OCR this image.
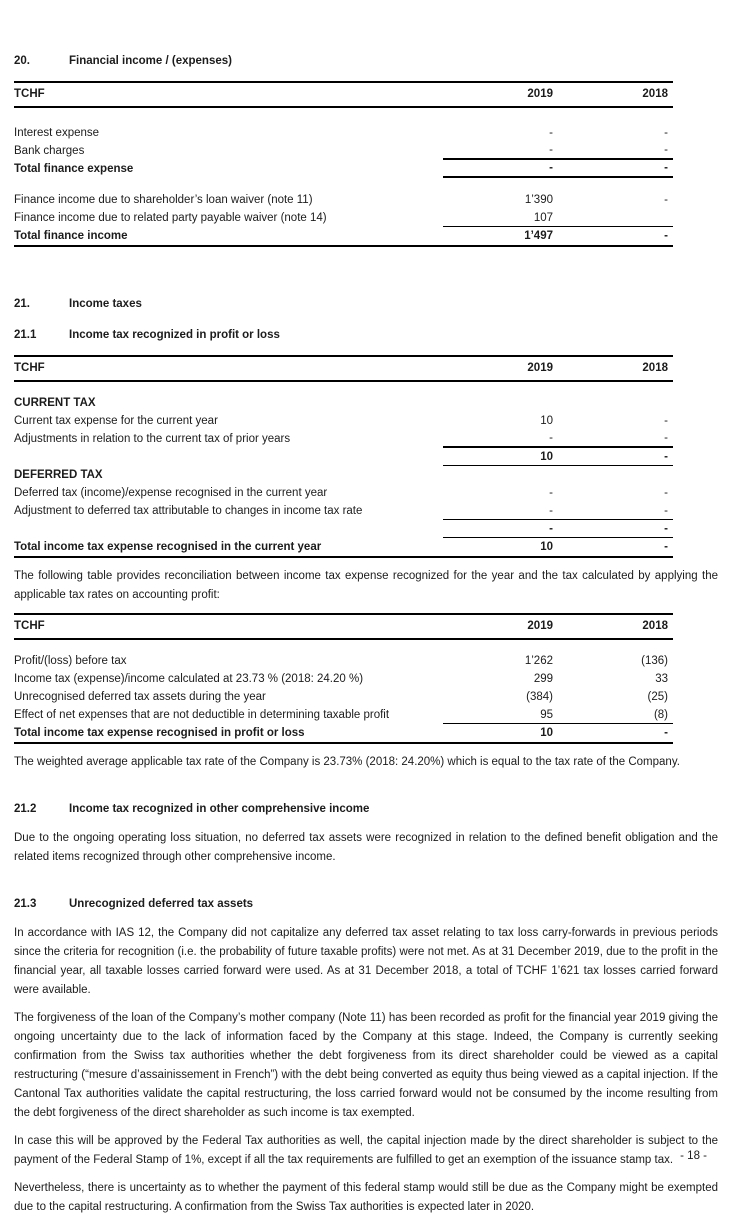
20.	Financial income / (expenses)
TCHF	2019	2018
Interest expense	-	-
Bank charges	-	-
Total finance expense	-	-
Finance income due to shareholder’s loan waiver (note 11)	1’390	-
Finance income due to related party payable waiver (note 14)	107
Total finance income	1’497	-
21.	Income taxes
21.1	Income tax recognized in profit or loss
TCHF	2019	2018
CURRENT TAX
Current tax expense for the current year	10	-
Adjustments in relation to the current tax of prior years	-	-
10	-
DEFERRED TAX
Deferred tax (income)/expense recognised in the current year	-	-
Adjustment to deferred tax attributable to changes in income tax rate	-	-
-	-
Total income tax expense recognised in the current year	10	-

The following table provides reconciliation between income tax expense recognized for the year and the tax calculated by applying the applicable tax rates on accounting profit:

TCHF	2019	2018
Profit/(loss) before tax	1’262	(136)
Income tax (expense)/income calculated at 23.73 % (2018: 24.20 %)	299	33
Unrecognised deferred tax assets during the year	(384)	(25)
Effect of net expenses that are not deductible in determining taxable profit	95	(8)
Total income tax expense recognised in profit or loss	10	-

The weighted average applicable tax rate of the Company is 23.73% (2018: 24.20%) which is equal to the tax rate of the Company.

21.2	Income tax recognized in other comprehensive income

Due to the ongoing operating loss situation, no deferred tax assets were recognized in relation to the defined benefit obligation and the related items recognized through other comprehensive income.

21.3	Unrecognized deferred tax assets

In accordance with IAS 12, the Company did not capitalize any deferred tax asset relating to tax loss carry-forwards in previous periods since the criteria for recognition (i.e. the probability of future taxable profits) were not met. As at 31 December 2019, due to the profit in the financial year, all taxable losses carried forward were used. As at 31 December 2018, a total of TCHF 1’621 tax losses carried forward were available.

The forgiveness of the loan of the Company’s mother company (Note 11) has been recorded as profit for the financial year 2019 giving the ongoing uncertainty due to the lack of information faced by the Company at this stage. Indeed, the Company is currently seeking confirmation from the Swiss tax authorities whether the debt forgiveness from its direct shareholder could be viewed as a capital restructuring (“mesure d’assainissement in French”) with the debt being converted as equity thus being viewed as a capital injection. If the Cantonal Tax authorities validate the capital restructuring, the loss carried forward would not be consumed by the income resulting from the debt forgiveness of the direct shareholder as such income is tax exempted.

In case this will be approved by the Federal Tax authorities as well, the capital injection made by the direct shareholder is subject to the payment of the Federal Stamp of 1%, except if all the tax requirements are fulfilled to get an exemption of the issuance stamp tax.

Nevertheless, there is uncertainty as to whether the payment of this federal stamp would still be due as the Company might be exempted due to the capital restructuring. A confirmation from the Swiss Tax authorities is expected later in 2020.

- 18 -
